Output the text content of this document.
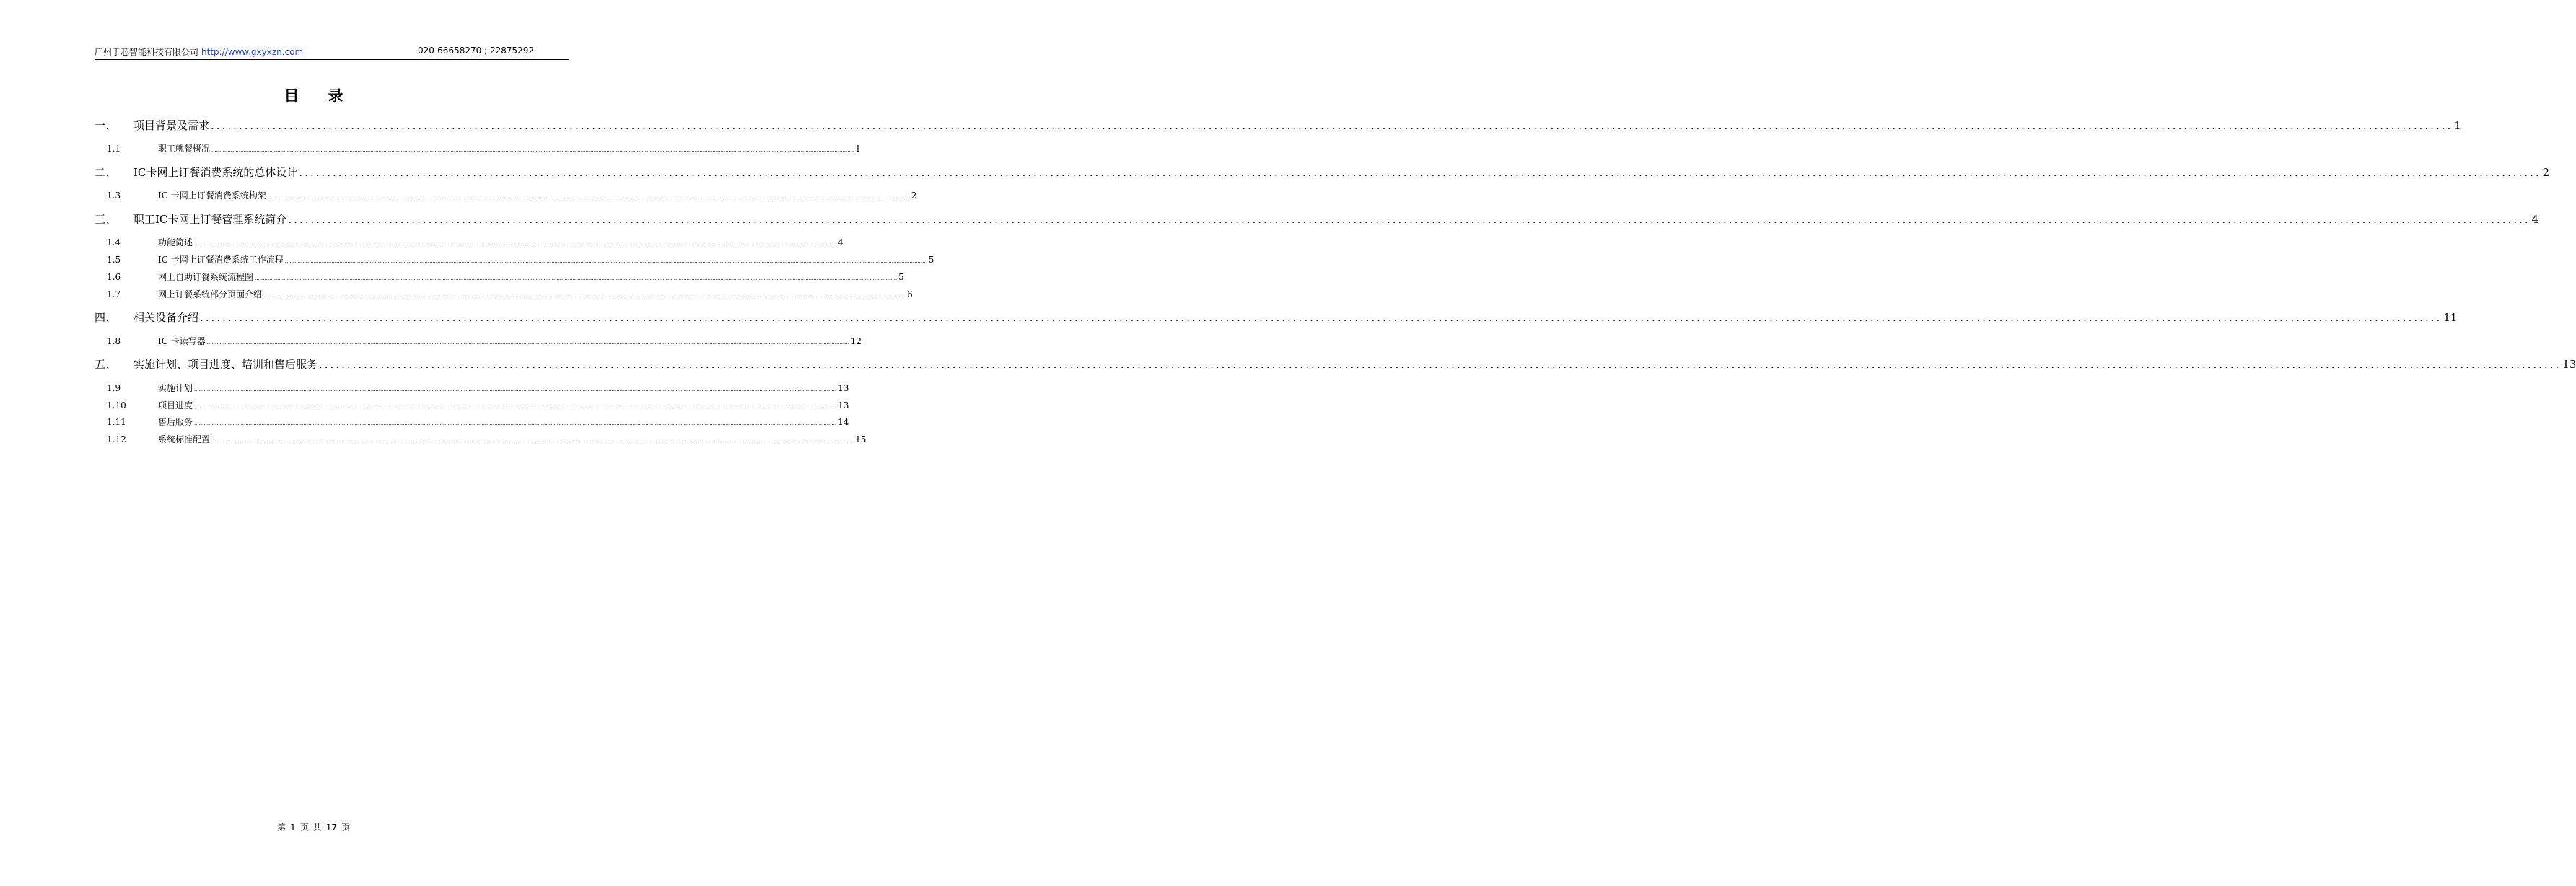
广州于芯智能科技有限公司 http://www.gxyxzn.com	020-66658270 ; 22875292
目 录
一、	项目背景及需求 ................................................................................................................................................................................................................................................................................................................................................................................................................ 1
1.1	职工就餐概况 ................................................................................................................................................................................................................................................................................................................................................................................................................ 1
二、	IC卡网上订餐消费系统的总体设计 ................................................................................................................................................................................................................................................................................................................................................................................................................ 2
1.3	IC 卡网上订餐消费系统构架 ................................................................................................................................................................................................................................................................................................................................................................................................................ 2
三、	职工IC卡网上订餐管理系统简介 ................................................................................................................................................................................................................................................................................................................................................................................................................ 4
1.4	功能简述 ................................................................................................................................................................................................................................................................................................................................................................................................................ 4
1.5	IC 卡网上订餐消费系统工作流程 ................................................................................................................................................................................................................................................................................................................................................................................................................ 5
1.6	网上自助订餐系统流程图 ................................................................................................................................................................................................................................................................................................................................................................................................................ 5
1.7	网上订餐系统部分页面介绍 ................................................................................................................................................................................................................................................................................................................................................................................................................ 6
四、	相关设备介绍 ................................................................................................................................................................................................................................................................................................................................................................................................................ 11
1.8	IC 卡读写器 ................................................................................................................................................................................................................................................................................................................................................................................................................ 12
五、	实施计划、项目进度、培训和售后服务 ................................................................................................................................................................................................................................................................................................................................................................................................................ 13
1.9	实施计划 ................................................................................................................................................................................................................................................................................................................................................................................................................ 13
1.10	项目进度 ................................................................................................................................................................................................................................................................................................................................................................................................................ 13
1.11	售后服务 ................................................................................................................................................................................................................................................................................................................................................................................................................ 14
1.12	系统标准配置 ................................................................................................................................................................................................................................................................................................................................................................................................................ 15
第 1 页 共 17 页
